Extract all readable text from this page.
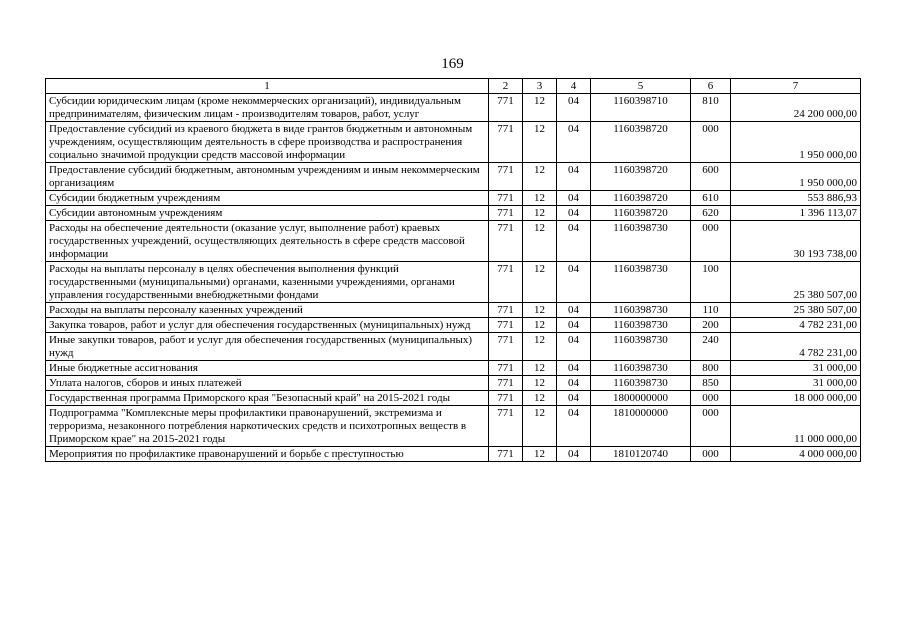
169
1	2	3	4	5	6	7
Субсидии юридическим лицам (кроме некоммерческих организаций), индивидуальным предпринимателям, физическим лицам - производителям товаров, работ, услуг	771	12	04	1160398710	810	24 200 000,00
Предоставление субсидий из краевого бюджета в виде грантов бюджетным и автономным учреждениям, осуществляющим деятельность в сфере производства и распространения социально значимой продукции средств массовой информации	771	12	04	1160398720	000	1 950 000,00
Предоставление субсидий бюджетным, автономным учреждениям и иным некоммерческим организациям	771	12	04	1160398720	600	1 950 000,00
Субсидии бюджетным учреждениям	771	12	04	1160398720	610	553 886,93
Субсидии автономным учреждениям	771	12	04	1160398720	620	1 396 113,07
Расходы на обеспечение деятельности (оказание услуг, выполнение работ) краевых государственных учреждений, осуществляющих деятельность в сфере средств массовой информации	771	12	04	1160398730	000	30 193 738,00
Расходы на выплаты персоналу в целях обеспечения выполнения функций государственными (муниципальными) органами, казенными учреждениями, органами управления государственными внебюджетными фондами	771	12	04	1160398730	100	25 380 507,00
Расходы на выплаты персоналу казенных учреждений	771	12	04	1160398730	110	25 380 507,00
Закупка товаров, работ и услуг для обеспечения государственных (муниципальных) нужд	771	12	04	1160398730	200	4 782 231,00
Иные закупки товаров, работ и услуг для обеспечения государственных (муниципальных) нужд	771	12	04	1160398730	240	4 782 231,00
Иные бюджетные ассигнования	771	12	04	1160398730	800	31 000,00
Уплата налогов, сборов и иных платежей	771	12	04	1160398730	850	31 000,00
Государственная программа Приморского края "Безопасный край" на 2015-2021 годы	771	12	04	1800000000	000	18 000 000,00
Подпрограмма "Комплексные меры профилактики правонарушений, экстремизма и терроризма, незаконного потребления наркотических средств и психотропных веществ в Приморском крае" на 2015-2021 годы	771	12	04	1810000000	000	11 000 000,00
Мероприятия по профилактике правонарушений и борьбе с преступностью	771	12	04	1810120740	000	4 000 000,00
